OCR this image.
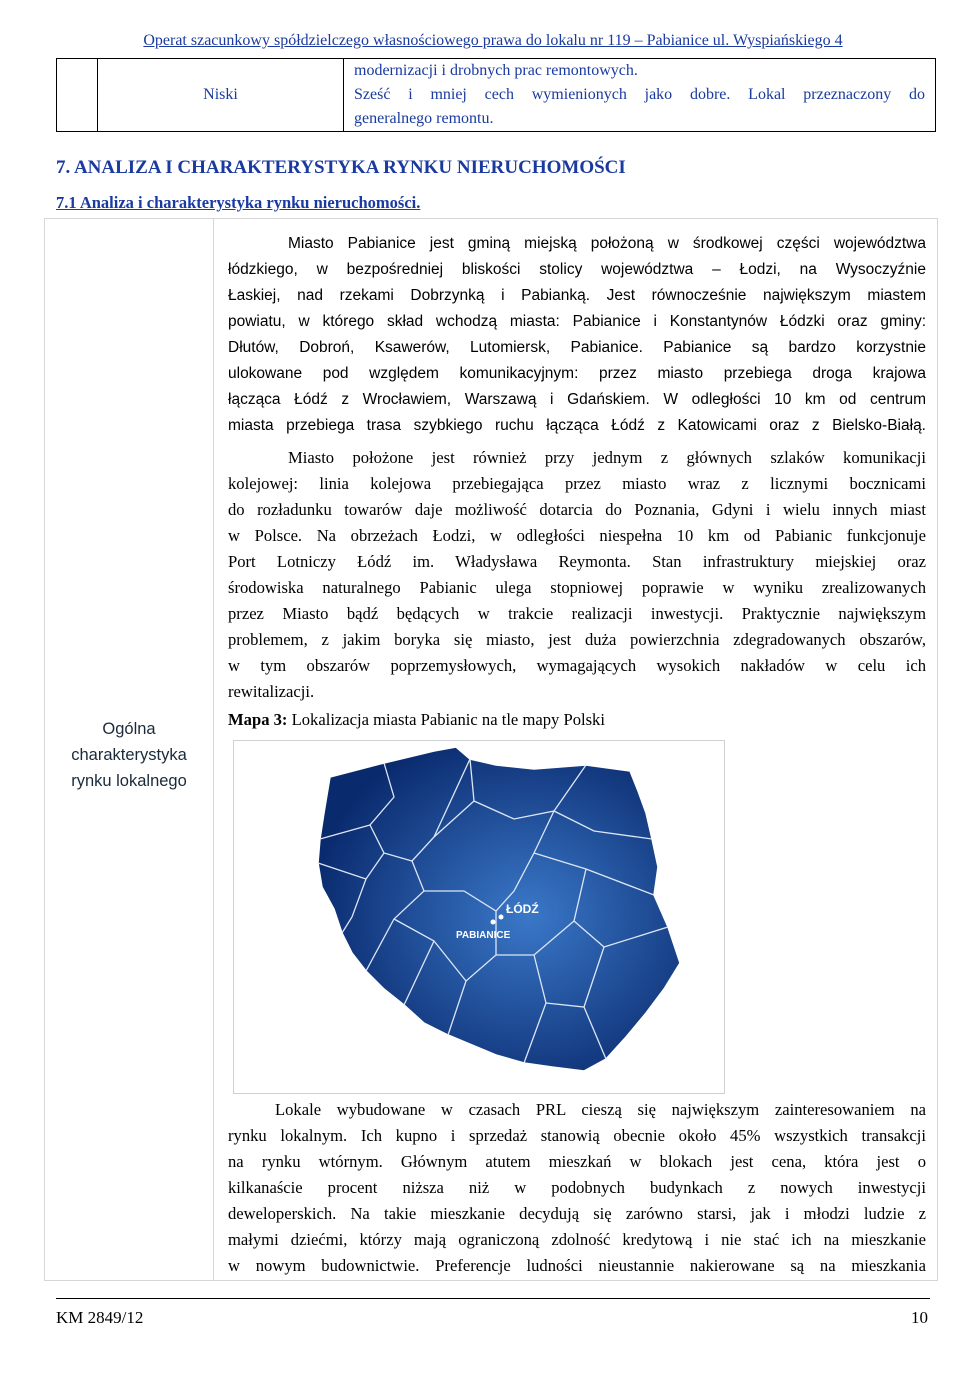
Operat szacunkowy spółdzielczego własnościowego prawa do lokalu nr 119 – Pabianice ul. Wyspiańskiego 4
	Niski	
modernizacji i drobnych prac remontowych.
Sześć i mniej cech wymienionych jako dobre. Lokal przeznaczony do
generalnego remontu.
7. ANALIZA I CHARAKTERYSTYKA RYNKU NIERUCHOMOŚCI
7.1 Analiza i charakterystyka rynku nieruchomości.
Ogólna
charakterystyka
rynku lokalnego
Miasto Pabianice jest gminą miejską położoną w środkowej części województwa
łódzkiego, w bezpośredniej bliskości stolicy województwa – Łodzi, na Wysoczyźnie
Łaskiej, nad rzekami Dobrzynką i Pabianką. Jest równocześnie największym miastem
powiatu, w którego skład wchodzą miasta: Pabianice i Konstantynów Łódzki oraz gminy:
Dłutów, Dobroń, Ksawerów, Lutomiersk, Pabianice. Pabianice są bardzo korzystnie
ulokowane pod względem komunikacyjnym: przez miasto przebiega droga krajowa
łącząca Łódź z Wrocławiem, Warszawą i Gdańskiem. W odległości 10 km od centrum
miasta przebiega trasa szybkiego ruchu łącząca Łódź z Katowicami oraz z Bielsko-Białą.
Miasto położone jest również przy jednym z głównych szlaków komunikacji
kolejowej: linia kolejowa przebiegająca przez miasto wraz z licznymi bocznicami
do rozładunku towarów daje możliwość dotarcia do Poznania, Gdyni i wielu innych miast
w Polsce. Na obrzeżach Łodzi, w odległości niespełna 10 km od Pabianic funkcjonuje
Port Lotniczy Łódź im. Władysława Reymonta. Stan infrastruktury miejskiej oraz
środowiska naturalnego Pabianic ulega stopniowej poprawie w wyniku zrealizowanych
przez Miasto bądź będących w trakcie realizacji inwestycji. Praktycznie największym
problemem, z jakim boryka się miasto, jest duża powierzchnia zdegradowanych obszarów,
w tym obszarów poprzemysłowych, wymagających wysokich nakładów w celu ich
rewitalizacji.
Mapa 3: Lokalizacja miasta Pabianic na tle mapy Polski
ŁÓDŹ
PABIANICE
Lokale wybudowane w czasach PRL cieszą się największym zainteresowaniem na
rynku lokalnym. Ich kupno i sprzedaż stanowią obecnie około 45% wszystkich transakcji
na rynku wtórnym. Głównym atutem mieszkań w blokach jest cena, która jest o
kilkanaście procent niższa niż w podobnych budynkach z nowych inwestycji
deweloperskich. Na takie mieszkanie decydują się zarówno starsi, jak i młodzi ludzie z
małymi dziećmi, którzy mają ograniczoną zdolność kredytową i nie stać ich na mieszkanie
w nowym budownictwie. Preferencje ludności nieustannie nakierowane są na mieszkania
KM 2849/12	10
